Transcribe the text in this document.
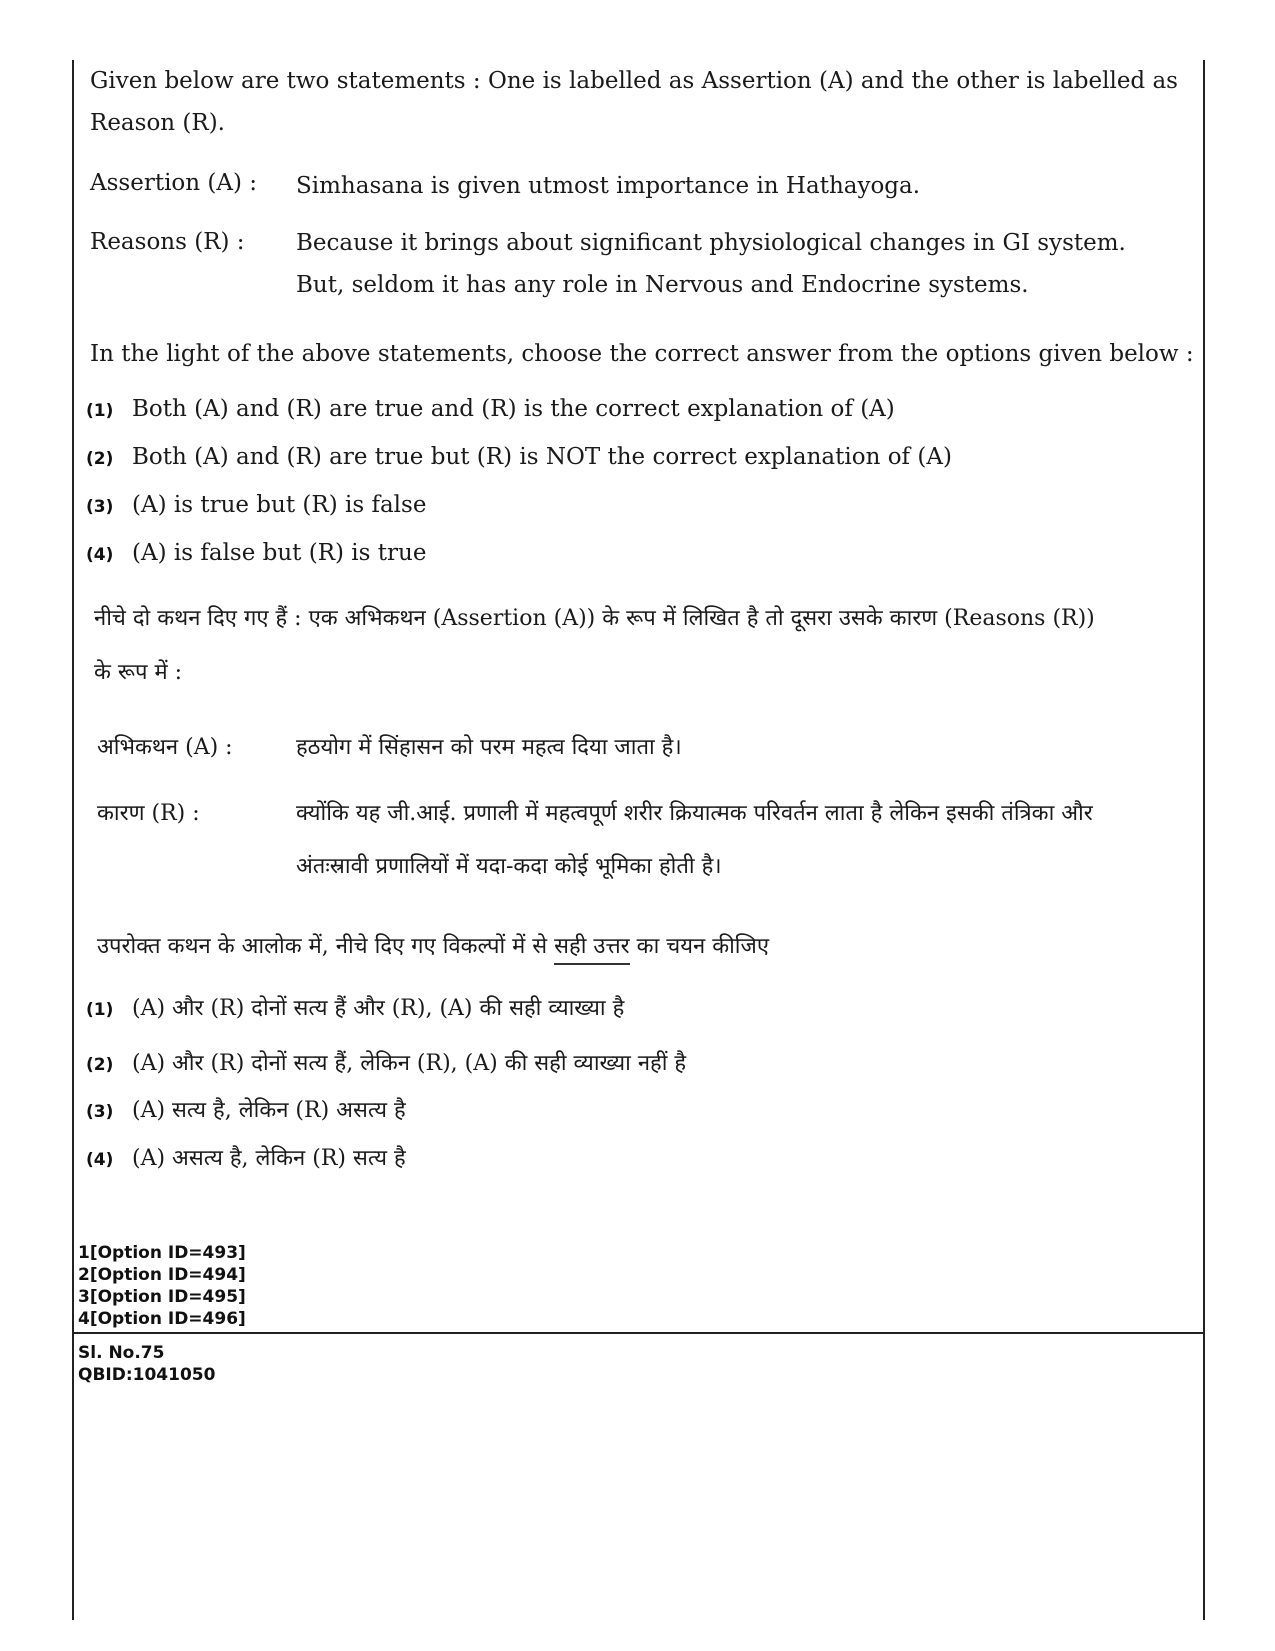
Given below are two statements : One is labelled as Assertion (A) and the other is labelled as Reason (R).
Assertion (A) : Simhasana is given utmost importance in Hathayoga.
Reasons (R) : Because it brings about significant physiological changes in GI system. But, seldom it has any role in Nervous and Endocrine systems.
In the light of the above statements, choose the correct answer from the options given below :
(1) Both (A) and (R) are true and (R) is the correct explanation of (A)
(2) Both (A) and (R) are true but (R) is NOT the correct explanation of (A)
(3) (A) is true but (R) is false
(4) (A) is false but (R) is true
नीचे दो कथन दिए गए हैं : एक अभिकथन (Assertion (A)) के रूप में लिखित है तो दूसरा उसके कारण (Reasons (R))
के रूप में :
अभिकथन (A) :	हठयोग में सिंहासन को परम महत्व दिया जाता है।
कारण (R) :	क्योंकि यह जी.आई. प्रणाली में महत्वपूर्ण शरीर क्रियात्मक परिवर्तन लाता है लेकिन इसकी तंत्रिका और
अंतःस्रावी प्रणालियों में यदा-कदा कोई भूमिका होती है।
उपरोक्त कथन के आलोक में, नीचे दिए गए विकल्पों में से सही उत्तर का चयन कीजिए
(1) (A) और (R) दोनों सत्य हैं और (R), (A) की सही व्याख्या है
(2) (A) और (R) दोनों सत्य हैं, लेकिन (R), (A) की सही व्याख्या नहीं है
(3) (A) सत्य है, लेकिन (R) असत्य है
(4) (A) असत्य है, लेकिन (R) सत्य है
1[Option ID=493]
2[Option ID=494]
3[Option ID=495]
4[Option ID=496]
Sl. No.75
QBID:1041050
